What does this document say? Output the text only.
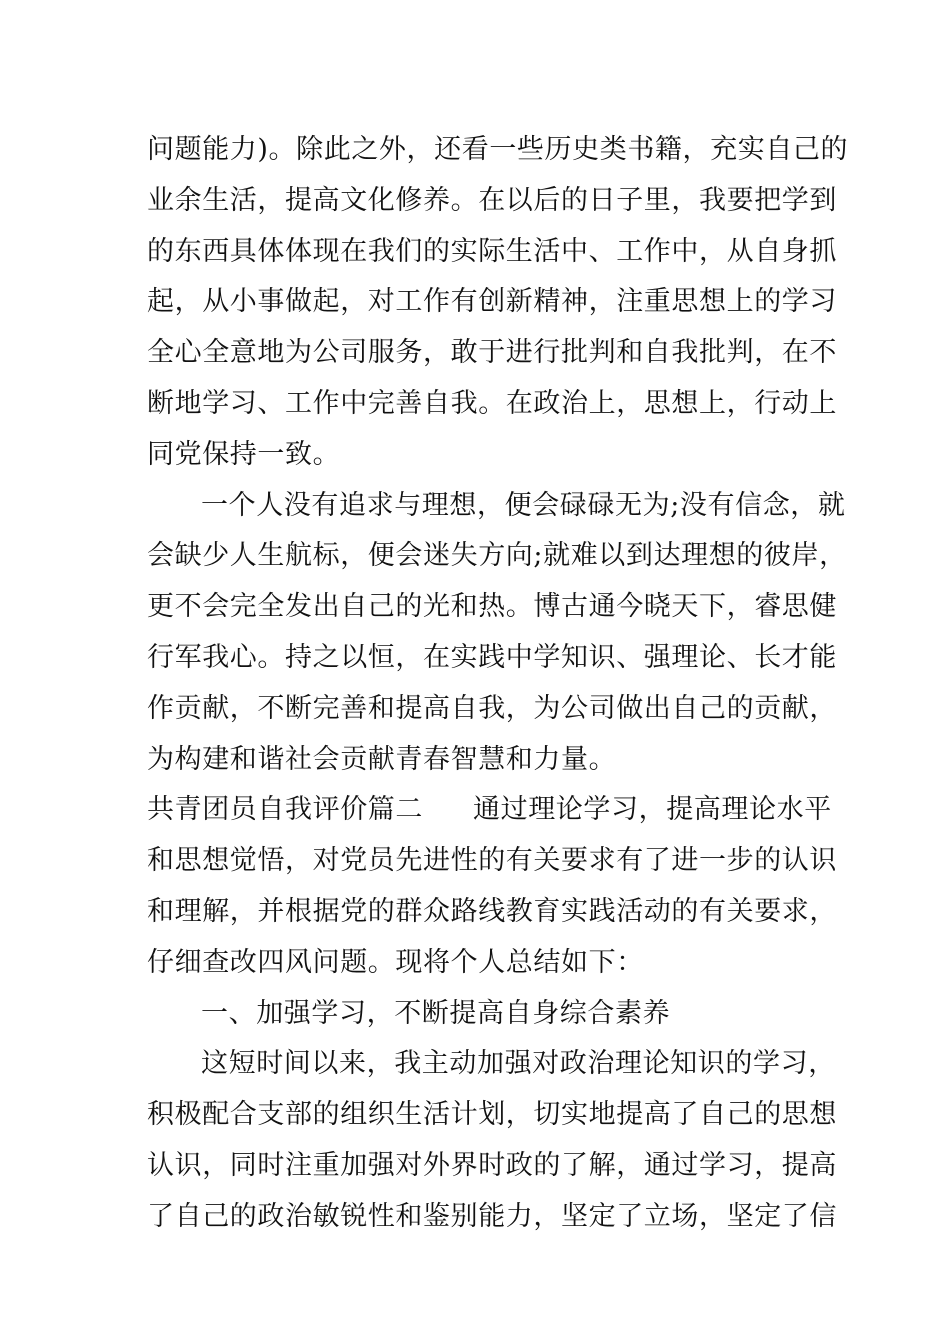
问题能力)。除此之外，还看一些历史类书籍，充实自己的
业余生活，提高文化修养。在以后的日子里，我要把学到
的东西具体体现在我们的实际生活中、工作中，从自身抓
起，从小事做起，对工作有创新精神，注重思想上的学习
全心全意地为公司服务，敢于进行批判和自我批判，在不
断地学习、工作中完善自我。在政治上，思想上，行动上
同党保持一致。
一个人没有追求与理想，便会碌碌无为;没有信念，就
会缺少人生航标，便会迷失方向;就难以到达理想的彼岸，
更不会完全发出自己的光和热。博古通今晓天下，睿思健
行军我心。持之以恒，在实践中学知识、强理论、长才能
作贡献，不断完善和提高自我，为公司做出自己的贡献，
为构建和谐社会贡献青春智慧和力量。
共青团员自我评价篇二 通过理论学习，提高理论水平
和思想觉悟，对党员先进性的有关要求有了进一步的认识
和理解，并根据党的群众路线教育实践活动的有关要求，
仔细查改四风问题。现将个人总结如下：
一、加强学习，不断提高自身综合素养
这短时间以来，我主动加强对政治理论知识的学习，
积极配合支部的组织生活计划，切实地提高了自己的思想
认识，同时注重加强对外界时政的了解，通过学习，提高
了自己的政治敏锐性和鉴别能力，坚定了立场，坚定了信
